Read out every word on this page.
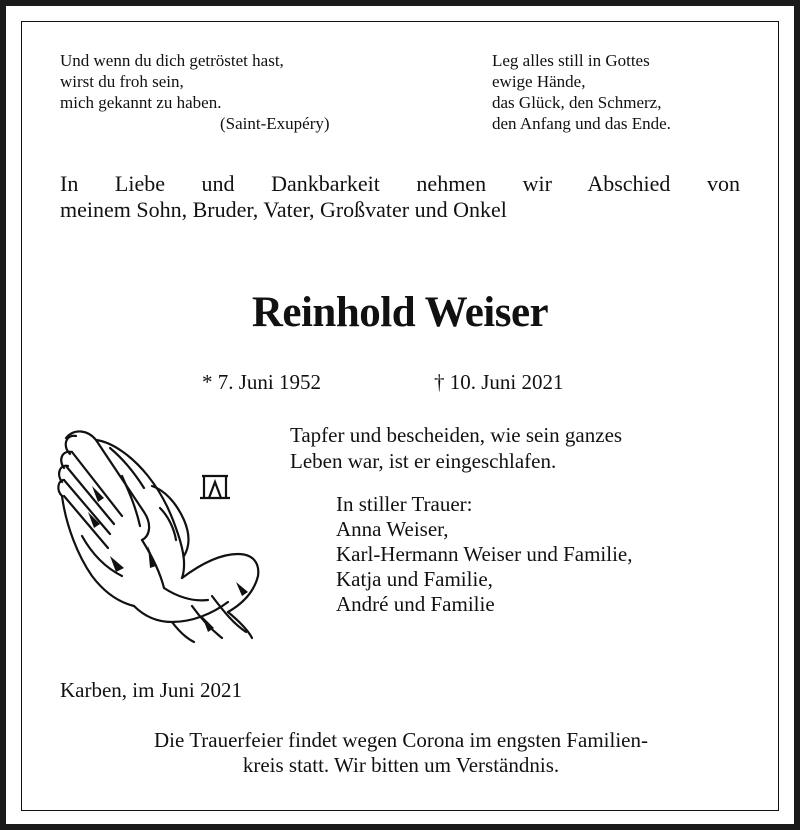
Und wenn du dich getröstet hast,
wirst du froh sein,
mich gekannt zu haben.
(Saint-Exupéry)
Leg alles still in Gottes
ewige Hände,
das Glück, den Schmerz,
den Anfang und das Ende.
In Liebe und Dankbarkeit nehmen wir Abschied von
meinem Sohn, Bruder, Vater, Großvater und Onkel
Reinhold Weiser
* 7. Juni 1952	† 10. Juni 2021
Tapfer und bescheiden, wie sein ganzes
Leben war, ist er eingeschlafen.
In stiller Trauer:
Anna Weiser,
Karl-Hermann Weiser und Familie,
Katja und Familie,
André und Familie
Karben, im Juni 2021
Die Trauerfeier findet wegen Corona im engsten Familien-
kreis statt. Wir bitten um Verständnis.
